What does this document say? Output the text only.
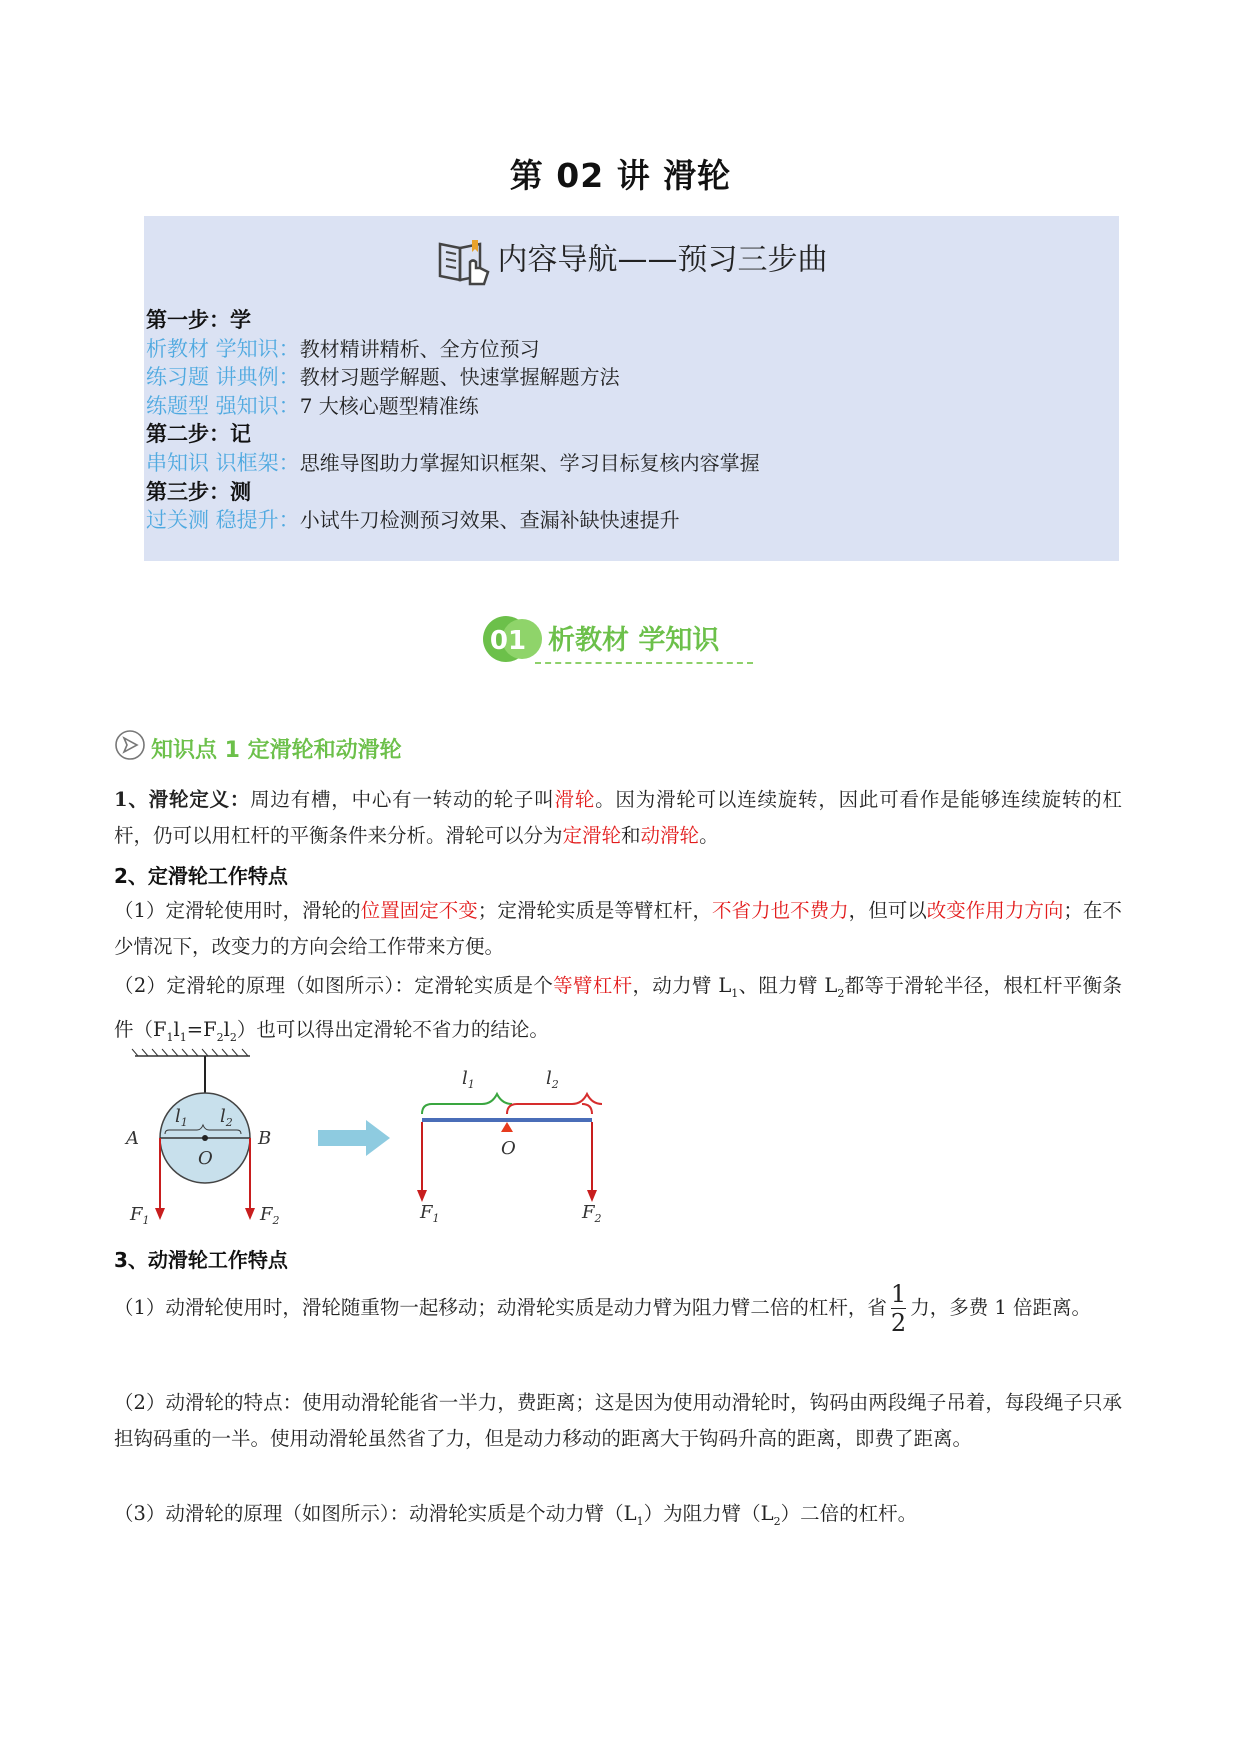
第 02 讲 滑轮
内容导航——预习三步曲
第一步：学
析教材 学知识：教材精讲精析、全方位预习
练习题 讲典例：教材习题学解题、快速掌握解题方法
练题型 强知识：7 大核心题型精准练
第二步：记
串知识 识框架：思维导图助力掌握知识框架、学习目标复核内容掌握
第三步：测
过关测 稳提升：小试牛刀检测预习效果、查漏补缺快速提升
01 析教材 学知识
知识点 1 定滑轮和动滑轮
1、滑轮定义：周边有槽，中心有一转动的轮子叫滑轮。因为滑轮可以连续旋转，因此可看作是能够连续旋转的杠杆，仍可以用杠杆的平衡条件来分析。滑轮可以分为定滑轮和动滑轮。
2、定滑轮工作特点
（1）定滑轮使用时，滑轮的位置固定不变；定滑轮实质是等臂杠杆，不省力也不费力，但可以改变作用力方向；在不少情况下，改变力的方向会给工作带来方便。
（2）定滑轮的原理（如图所示）：定滑轮实质是个等臂杠杆，动力臂 $L_1$、阻力臂 $L_2$都等于滑轮半径，根杠杆平衡条件$(F_1l_1=F_2l_2)$也可以得出定滑轮不省力的结论。
$l_1$ $l_2$
A	B
O
$F_1$	$F_2$
$l_1$	$l_2$
O
$F_1$	$F_2$
3、动滑轮工作特点
（1）动滑轮使用时，滑轮随重物一起移动；动滑轮实质是动力臂为阻力臂二倍的杠杆，省 $\frac{1}{2}$ 力，多费 1 倍距离。
（2）动滑轮的特点：使用动滑轮能省一半力，费距离；这是因为使用动滑轮时，钩码由两段绳子吊着，每段绳子只承担钩码重的一半。使用动滑轮虽然省了力，但是动力移动的距离大于钩码升高的距离，即费了距离。
（3）动滑轮的原理（如图所示）：动滑轮实质是个动力臂$(L_1)$为阻力臂$(L_2)$二倍的杠杆。
